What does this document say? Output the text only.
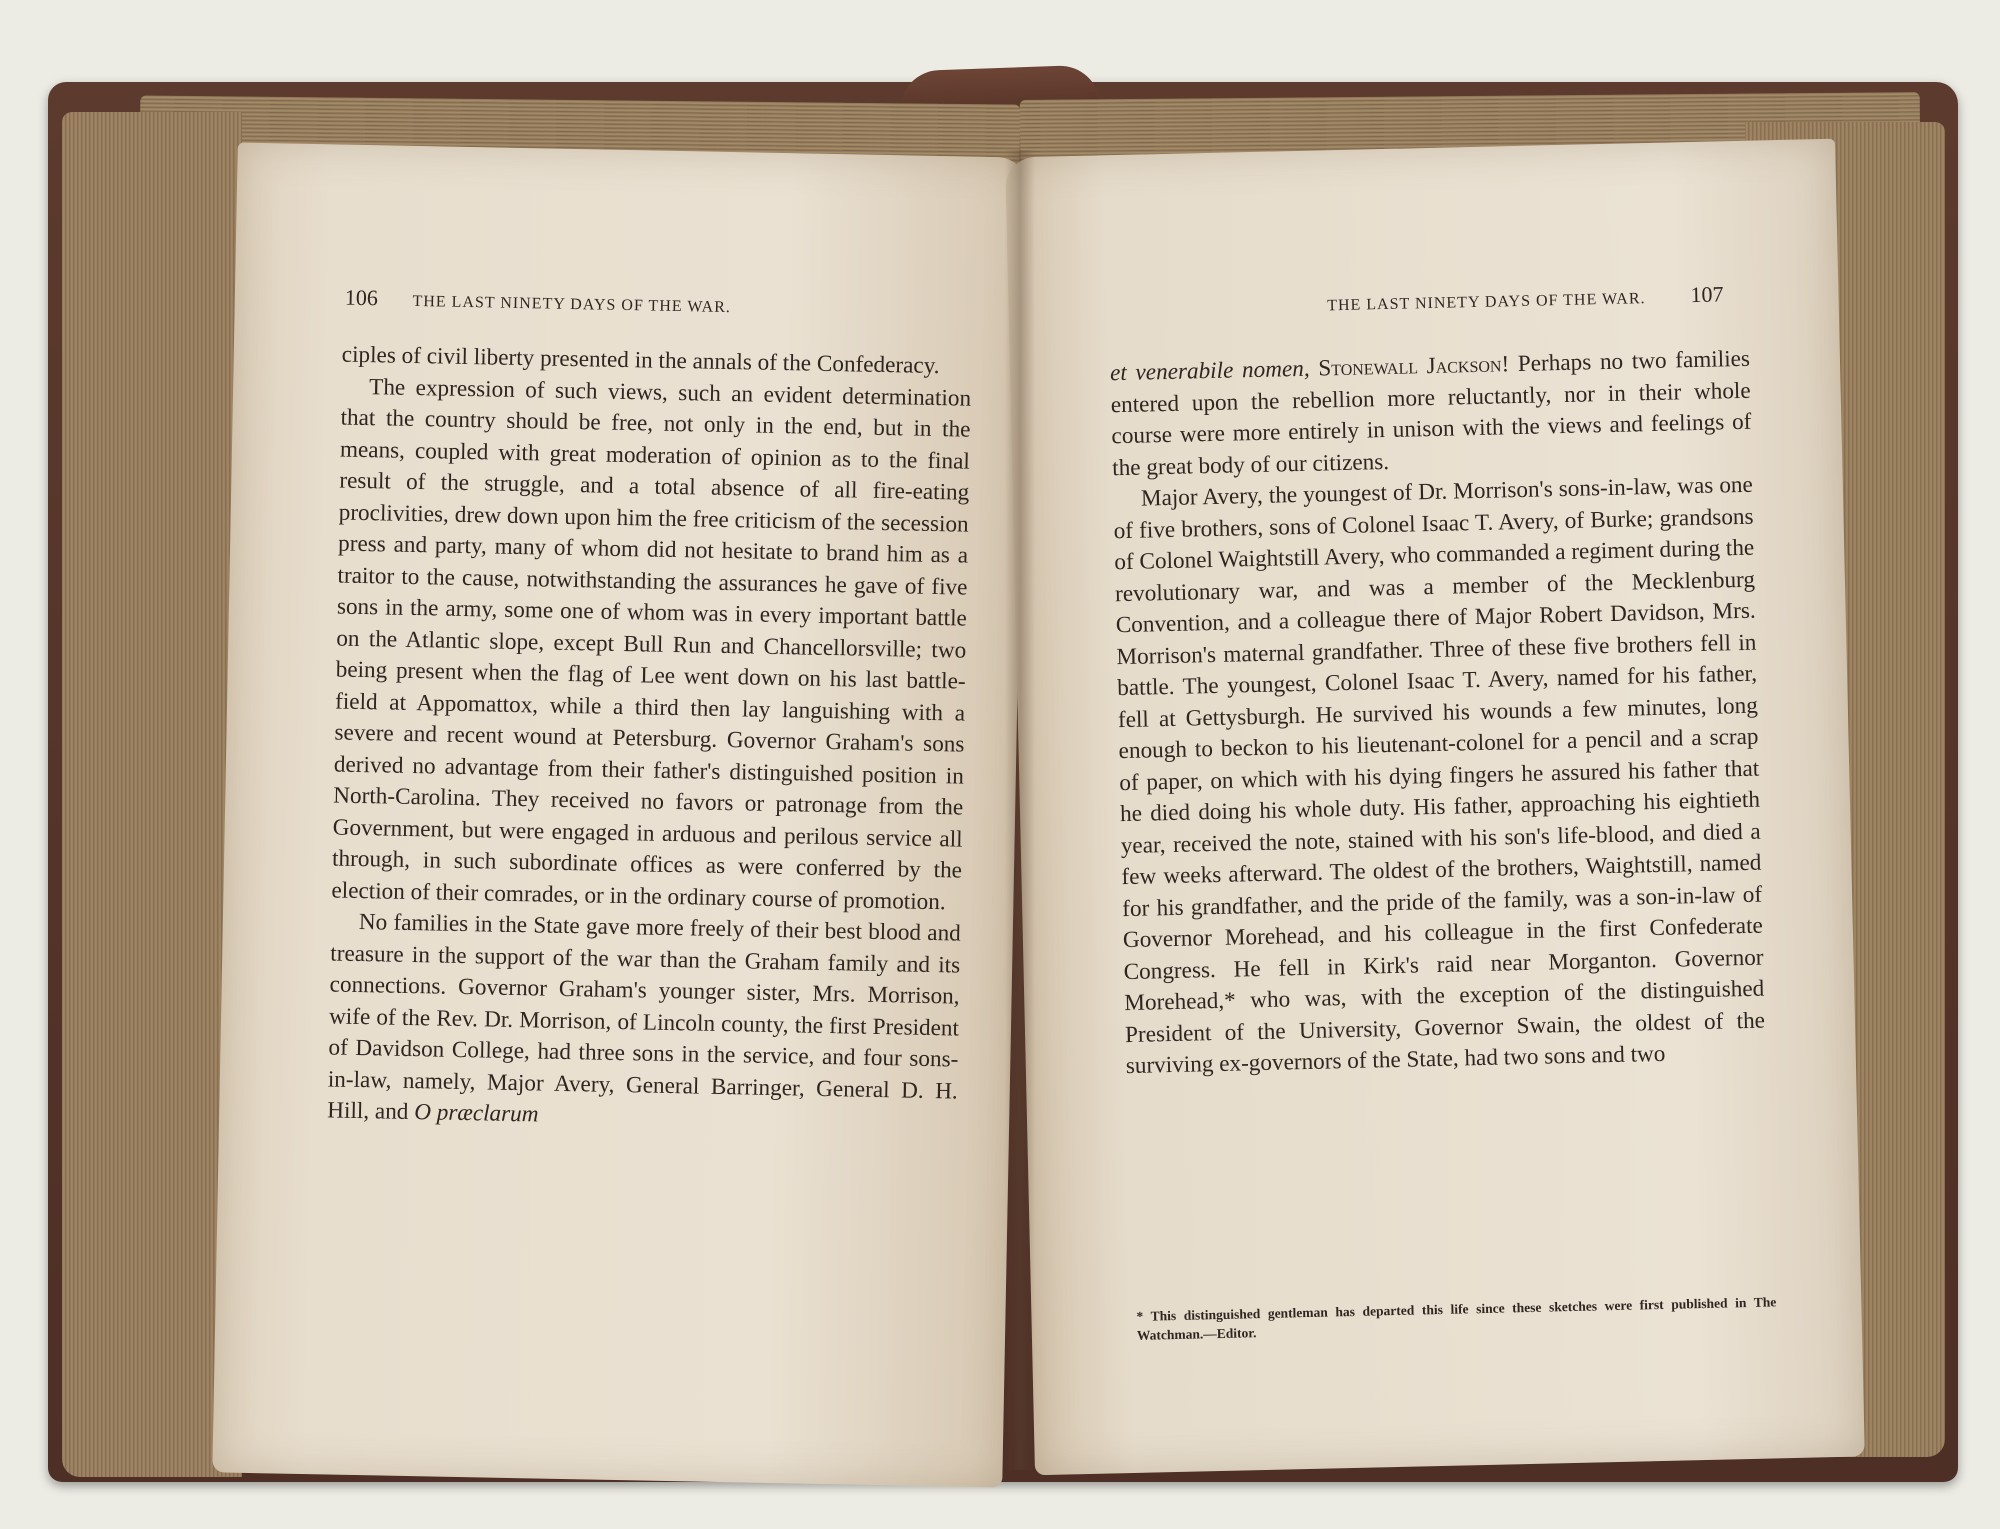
106 THE LAST NINETY DAYS OF THE WAR.

ciples of civil liberty presented in the annals of the Confederacy.

The expression of such views, such an evident determination that the country should be free, not only in the end, but in the means, coupled with great moderation of opinion as to the final result of the struggle, and a total absence of all fire-eating proclivities, drew down upon him the free criticism of the secession press and party, many of whom did not hesitate to brand him as a traitor to the cause, notwithstanding the assurances he gave of five sons in the army, some one of whom was in every important battle on the Atlantic slope, except Bull Run and Chancellorsville; two being present when the flag of Lee went down on his last battle-field at Appomattox, while a third then lay languishing with a severe and recent wound at Petersburg. Governor Graham's sons derived no advantage from their father's distinguished position in North-Carolina. They received no favors or patronage from the Government, but were engaged in arduous and perilous service all through, in such subordinate offices as were conferred by the election of their comrades, or in the ordinary course of promotion.

No families in the State gave more freely of their best blood and treasure in the support of the war than the Graham family and its connections. Governor Graham's younger sister, Mrs. Morrison, wife of the Rev. Dr. Morrison, of Lincoln county, the first President of Davidson College, had three sons in the service, and four sons-in-law, namely, Major Avery, General Barringer, General D. H. Hill, and O præclarum

THE LAST NINETY DAYS OF THE WAR. 107

et venerabile nomen, Stonewall Jackson! Perhaps no two families entered upon the rebellion more reluctantly, nor in their whole course were more entirely in unison with the views and feelings of the great body of our citizens.

Major Avery, the youngest of Dr. Morrison's sons-in-law, was one of five brothers, sons of Colonel Isaac T. Avery, of Burke; grandsons of Colonel Waightstill Avery, who commanded a regiment during the revolutionary war, and was a member of the Mecklenburg Convention, and a colleague there of Major Robert Davidson, Mrs. Morrison's maternal grandfather. Three of these five brothers fell in battle. The youngest, Colonel Isaac T. Avery, named for his father, fell at Gettysburgh. He survived his wounds a few minutes, long enough to beckon to his lieutenant-colonel for a pencil and a scrap of paper, on which with his dying fingers he assured his father that he died doing his whole duty. His father, approaching his eightieth year, received the note, stained with his son's life-blood, and died a few weeks afterward. The oldest of the brothers, Waightstill, named for his grandfather, and the pride of the family, was a son-in-law of Governor Morehead, and his colleague in the first Confederate Congress. He fell in Kirk's raid near Morganton. Governor Morehead,* who was, with the exception of the distinguished President of the University, Governor Swain, the oldest of the surviving ex-governors of the State, had two sons and two

* This distinguished gentleman has departed this life since these sketches were first published in The Watchman.—Editor.
